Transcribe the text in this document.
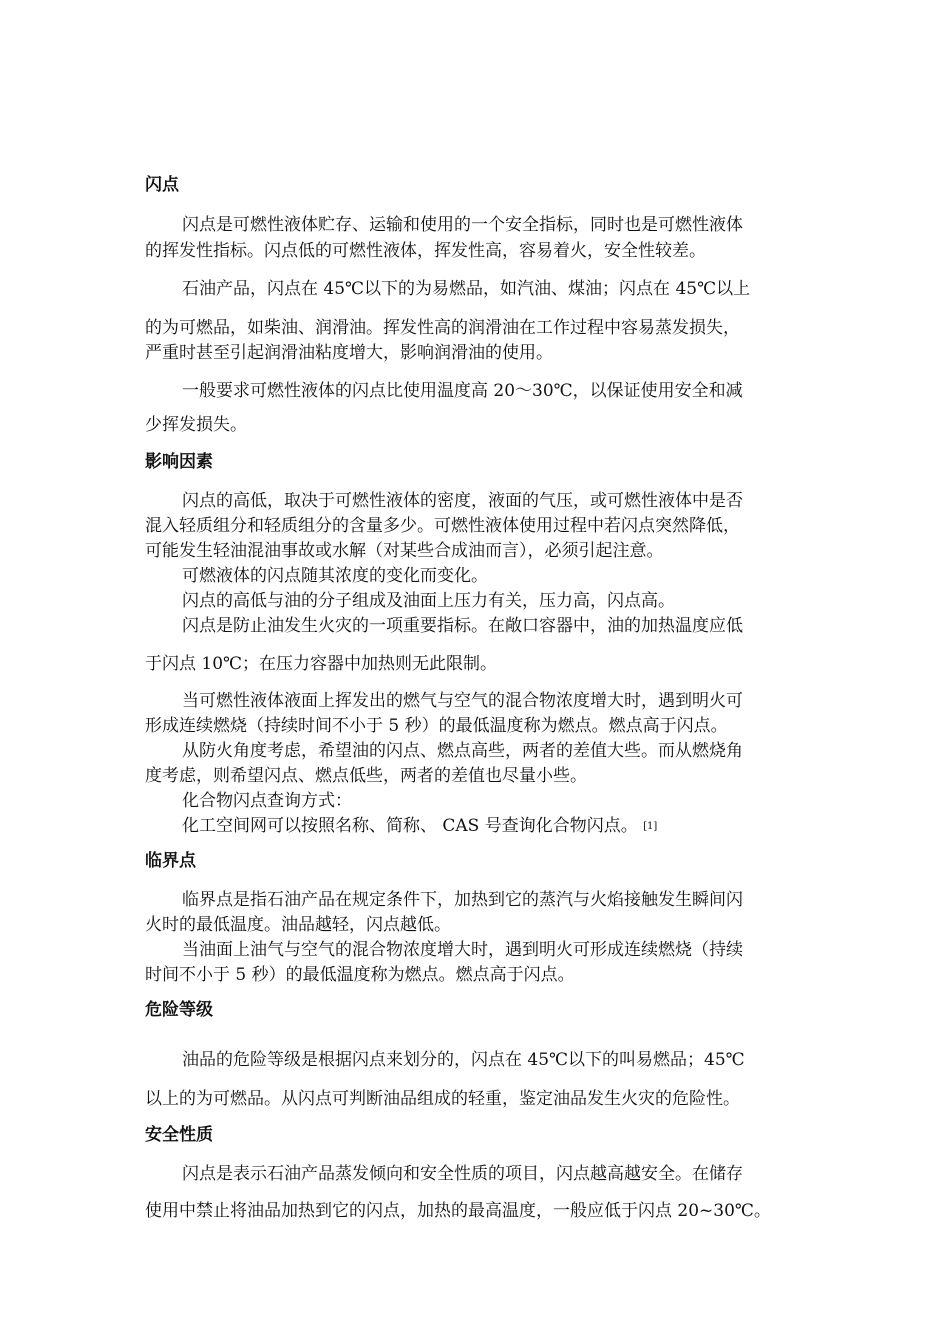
闪点

闪点是可燃性液体贮存、运输和使用的一个安全指标，同时也是可燃性液体

的挥发性指标。闪点低的可燃性液体，挥发性高，容易着火，安全性较差。

石油产品，闪点在 45℃以下的为易燃品，如汽油、煤油；闪点在 45℃以上

的为可燃品，如柴油、润滑油。挥发性高的润滑油在工作过程中容易蒸发损失，

严重时甚至引起润滑油粘度增大，影响润滑油的使用。

一般要求可燃性液体的闪点比使用温度高 20～30℃，以保证使用安全和减

少挥发损失。

影响因素

闪点的高低，取决于可燃性液体的密度，液面的气压，或可燃性液体中是否

混入轻质组分和轻质组分的含量多少。可燃性液体使用过程中若闪点突然降低，

可能发生轻油混油事故或水解（对某些合成油而言），必须引起注意。

可燃液体的闪点随其浓度的变化而变化。

闪点的高低与油的分子组成及油面上压力有关，压力高，闪点高。

闪点是防止油发生火灾的一项重要指标。在敞口容器中，油的加热温度应低

于闪点 10℃；在压力容器中加热则无此限制。

当可燃性液体液面上挥发出的燃气与空气的混合物浓度增大时，遇到明火可

形成连续燃烧（持续时间不小于 5 秒）的最低温度称为燃点。燃点高于闪点。

从防火角度考虑，希望油的闪点、燃点高些，两者的差值大些。而从燃烧角

度考虑，则希望闪点、燃点低些，两者的差值也尽量小些。

化合物闪点查询方式：

化工空间网可以按照名称、简称、 CAS 号查询化合物闪点。 [1]

临界点

临界点是指石油产品在规定条件下，加热到它的蒸汽与火焰接触发生瞬间闪

火时的最低温度。油品越轻，闪点越低。

当油面上油气与空气的混合物浓度增大时，遇到明火可形成连续燃烧（持续

时间不小于 5 秒）的最低温度称为燃点。燃点高于闪点。

危险等级

油品的危险等级是根据闪点来划分的，闪点在 45℃以下的叫易燃品；45℃

以上的为可燃品。从闪点可判断油品组成的轻重，鉴定油品发生火灾的危险性。

安全性质

闪点是表示石油产品蒸发倾向和安全性质的项目，闪点越高越安全。在储存

使用中禁止将油品加热到它的闪点，加热的最高温度，一般应低于闪点 20~30℃。
